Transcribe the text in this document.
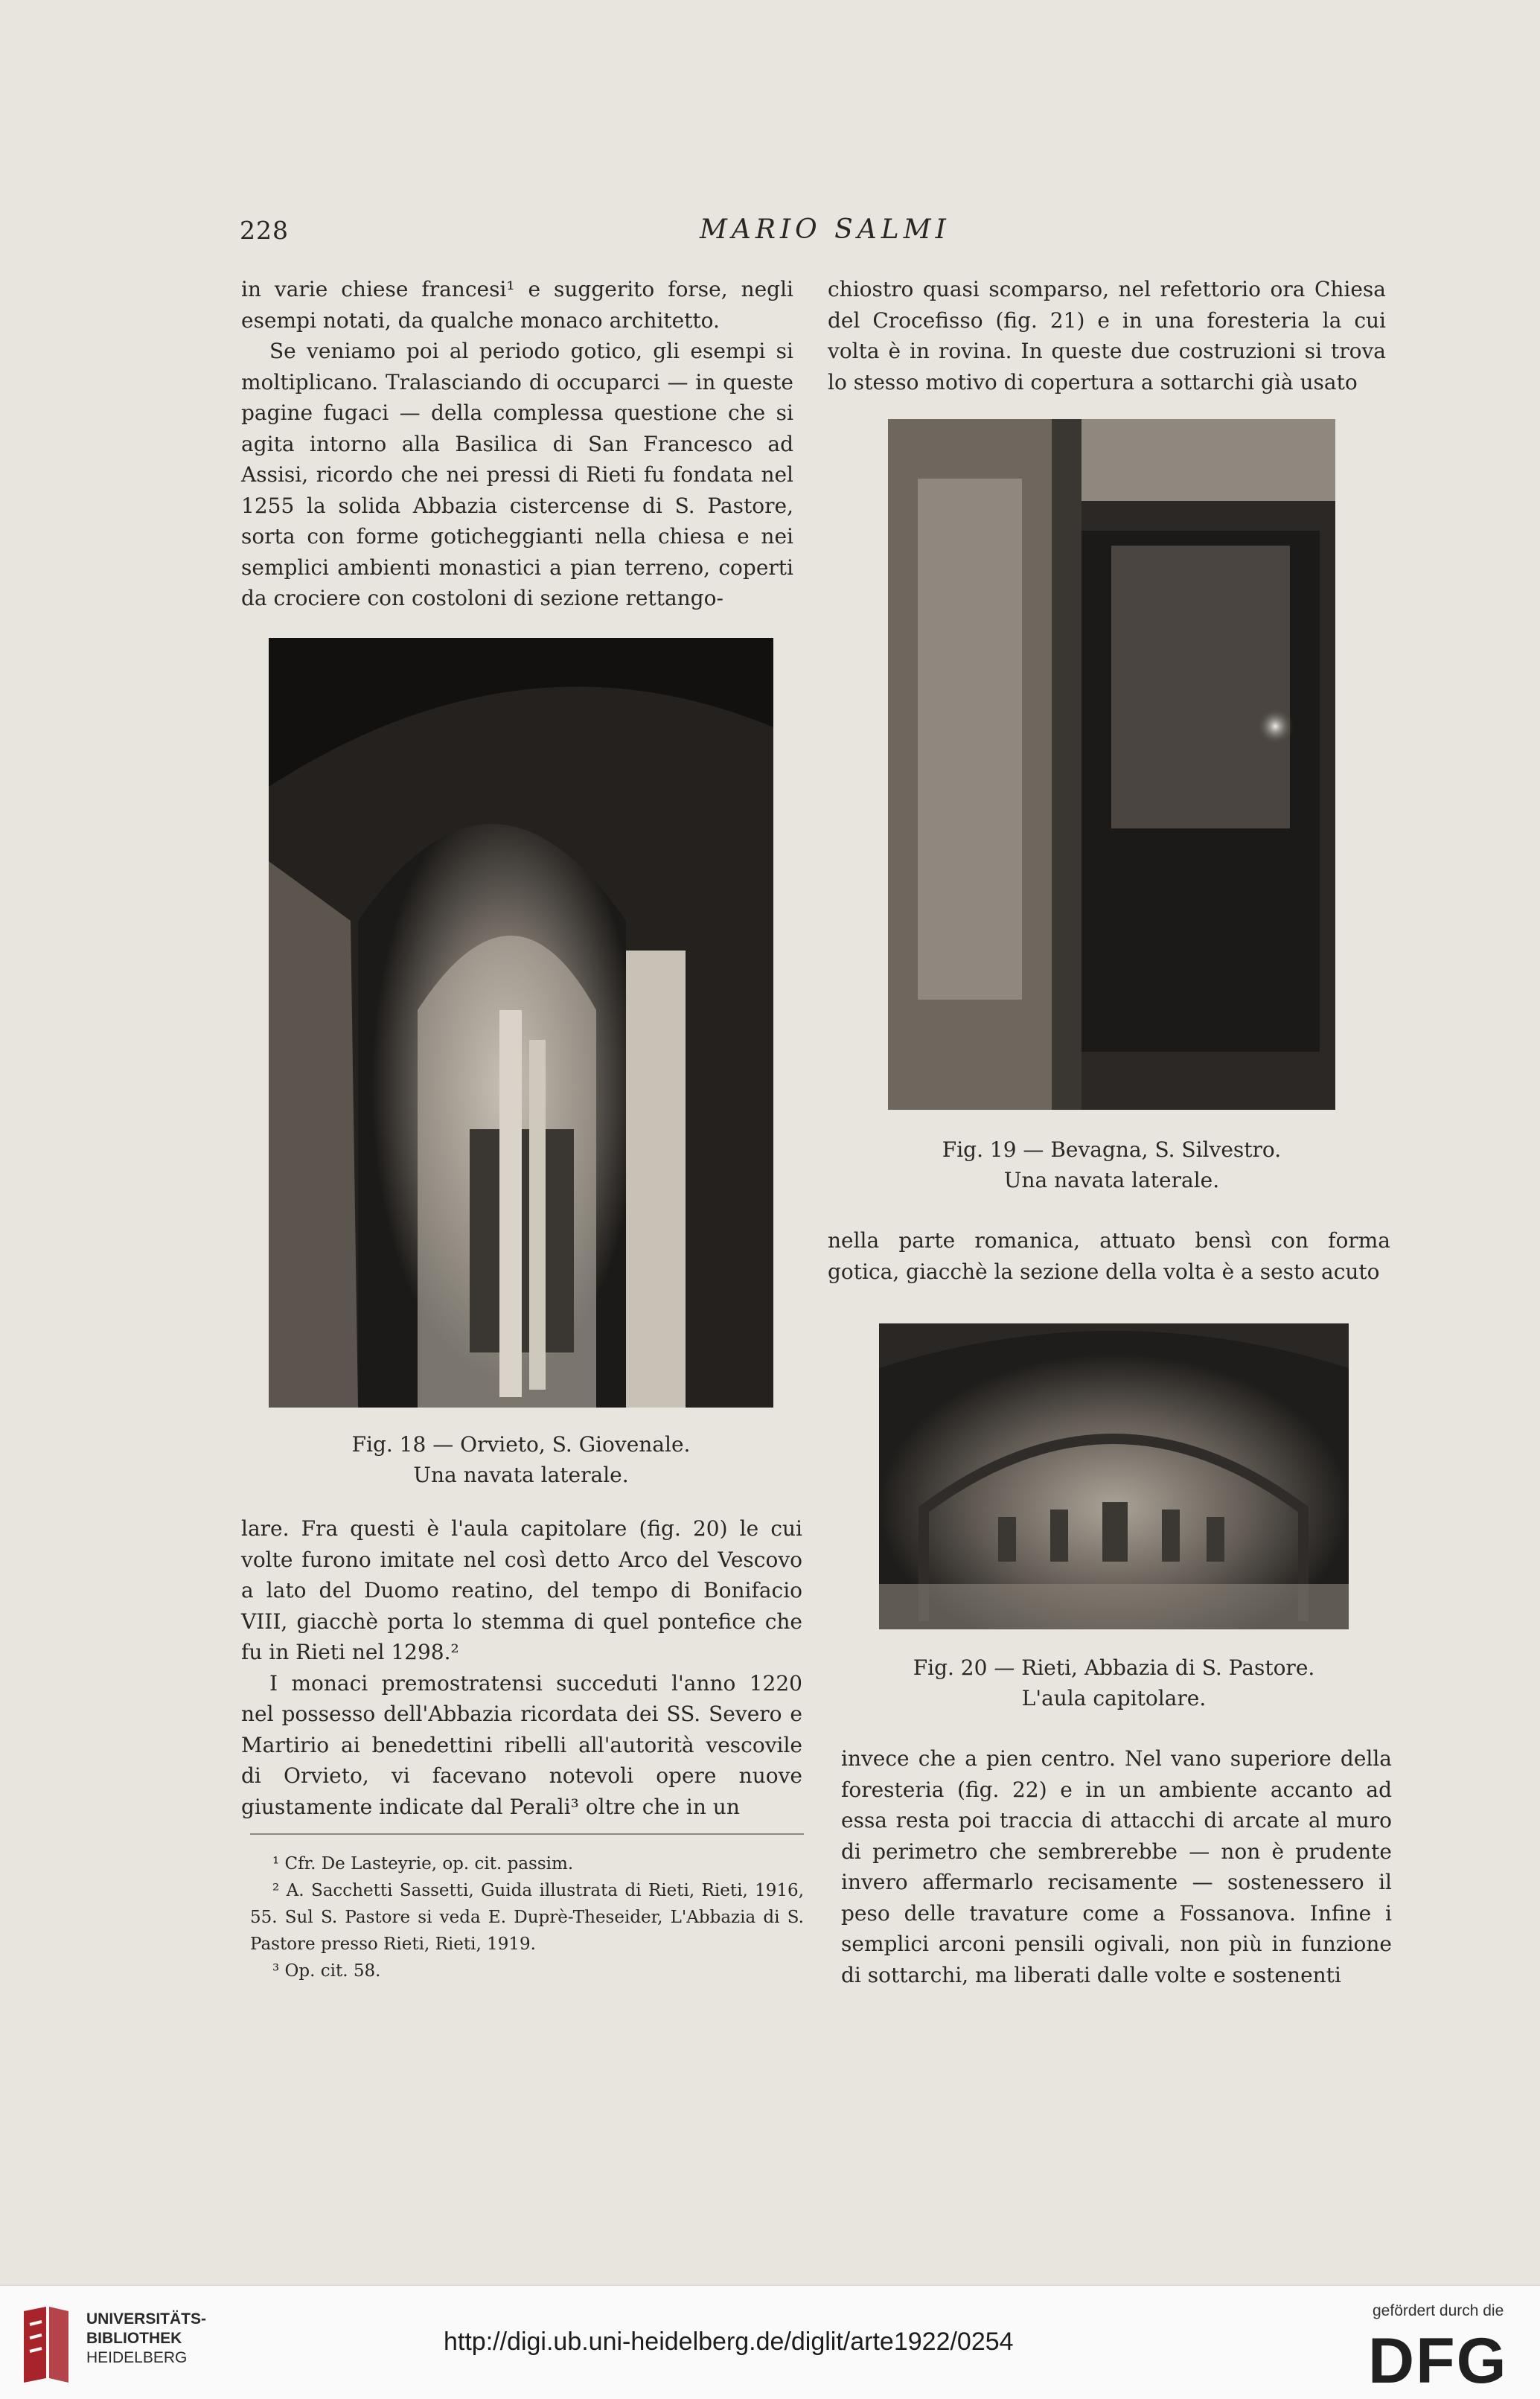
228	MARIO SALMI

in varie chiese francesi¹ e suggerito forse, negli esempi notati, da qualche monaco architetto.

Se veniamo poi al periodo gotico, gli esempi si moltiplicano. Tralasciando di occuparci — in queste pagine fugaci — della complessa questione che si agita intorno alla Basilica di San Francesco ad Assisi, ricordo che nei pressi di Rieti fu fondata nel 1255 la solida Abbazia cistercense di S. Pastore, sorta con forme goticheggianti nella chiesa e nei semplici ambienti monastici a pian terreno, coperti da crociere con costoloni di sezione rettango-

Fig. 18 — Orvieto, S. Giovenale.
Una navata laterale.

lare. Fra questi è l'aula capitolare (fig. 20) le cui volte furono imitate nel così detto Arco del Vescovo a lato del Duomo reatino, del tempo di Bonifacio VIII, giacchè porta lo stemma di quel pontefice che fu in Rieti nel 1298.²

I monaci premostratensi succeduti l'anno 1220 nel possesso dell'Abbazia ricordata dei SS. Severo e Martirio ai benedettini ribelli all'autorità vescovile di Orvieto, vi facevano notevoli opere nuove giustamente indicate dal Perali³ oltre che in un

¹ Cfr. De Lasteyrie, op. cit. passim.
² A. Sacchetti Sassetti, Guida illustrata di Rieti, Rieti, 1916, 55. Sul S. Pastore si veda E. Duprè-Theseider, L'Abbazia di S. Pastore presso Rieti, Rieti, 1919.
³ Op. cit. 58.

chiostro quasi scomparso, nel refettorio ora Chiesa del Crocefisso (fig. 21) e in una foresteria la cui volta è in rovina. In queste due costruzioni si trova lo stesso motivo di copertura a sottarchi già usato

Fig. 19 — Bevagna, S. Silvestro.
Una navata laterale.

nella parte romanica, attuato bensì con forma gotica, giacchè la sezione della volta è a sesto acuto

Fig. 20 — Rieti, Abbazia di S. Pastore.
L'aula capitolare.

invece che a pien centro. Nel vano superiore della foresteria (fig. 22) e in un ambiente accanto ad essa resta poi traccia di attacchi di arcate al muro di perimetro che sembrerebbe — non è prudente invero affermarlo recisamente — sostenessero il peso delle travature come a Fossanova. Infine i semplici arconi pensili ogivali, non più in funzione di sottarchi, ma liberati dalle volte e sostenenti

UNIVERSITÄTS-
BIBLIOTHEK
HEIDELBERG
http://digi.ub.uni-heidelberg.de/diglit/arte1922/0254
gefördert durch die
DFG
